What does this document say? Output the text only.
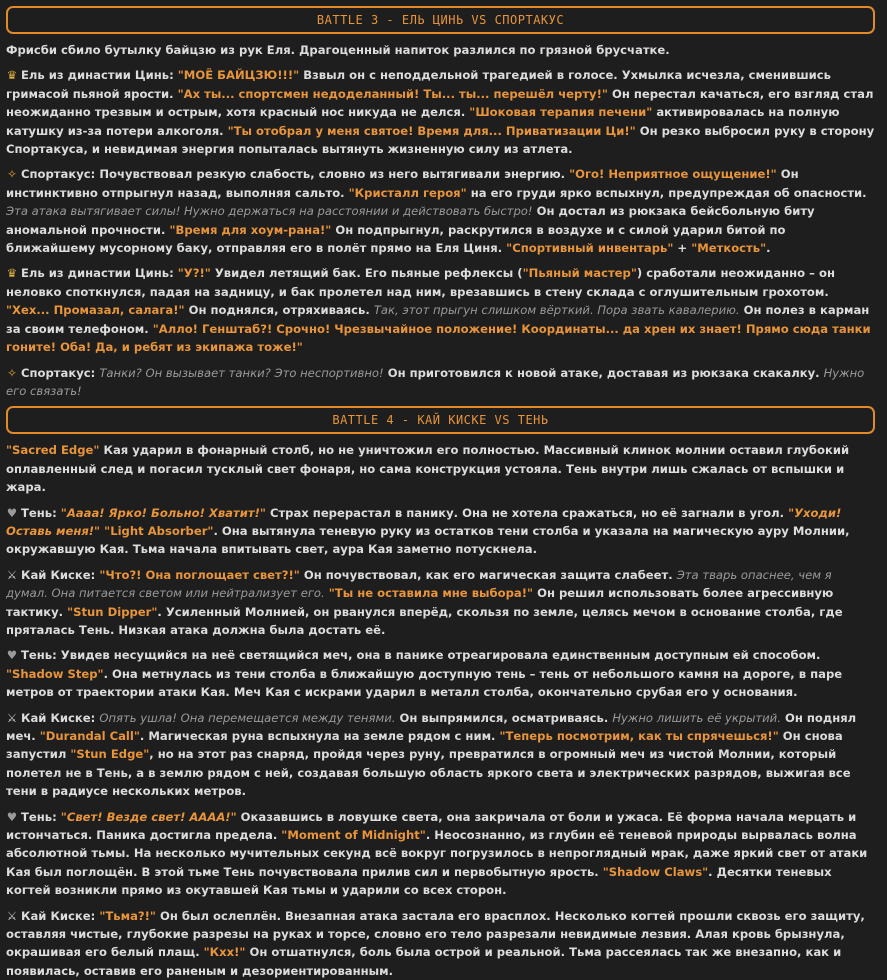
BATTLE 3 - ЕЛЬ ЦИНЬ VS СПОРТАКУС
Фрисби сбило бутылку байцзю из рук Еля. Драгоценный напиток разлился по грязной брусчатке.
♛ Ель из династии Цинь: "МОЁ БАЙЦЗЮ!!!" Взвыл он с неподдельной трагедией в голосе. Ухмылка исчезла, сменившись гримасой пьяной ярости. "Ах ты... спортсмен недоделанный! Ты... ты... перешёл черту!" Он перестал качаться, его взгляд стал неожиданно трезвым и острым, хотя красный нос никуда не делся. "Шоковая терапия печени" активировалась на полную катушку из-за потери алкоголя. "Ты отобрал у меня святое! Время для... Приватизации Ци!" Он резко выбросил руку в сторону Спортакуса, и невидимая энергия попыталась вытянуть жизненную силу из атлета.
✧ Спортакус: Почувствовал резкую слабость, словно из него вытягивали энергию. "Ого! Неприятное ощущение!" Он инстинктивно отпрыгнул назад, выполняя сальто. "Кристалл героя" на его груди ярко вспыхнул, предупреждая об опасности. Эта атака вытягивает силы! Нужно держаться на расстоянии и действовать быстро! Он достал из рюкзака бейсбольную биту аномальной прочности. "Время для хоум-рана!" Он подпрыгнул, раскрутился в воздухе и с силой ударил битой по ближайшему мусорному баку, отправляя его в полёт прямо на Еля Циня. "Спортивный инвентарь" + "Меткость".
♛ Ель из династии Цинь: "У?!" Увидел летящий бак. Его пьяные рефлексы ("Пьяный мастер") сработали неожиданно – он неловко споткнулся, падая на задницу, и бак пролетел над ним, врезавшись в стену склада с оглушительным грохотом. "Хех... Промазал, салага!" Он поднялся, отряхиваясь. Так, этот прыгун слишком вёрткий. Пора звать кавалерию. Он полез в карман за своим телефоном. "Алло! Генштаб?! Срочно! Чрезвычайное положение! Координаты... да хрен их знает! Прямо сюда танки гоните! Оба! Да, и ребят из экипажа тоже!"
✧ Спортакус: Танки? Он вызывает танки? Это неспортивно! Он приготовился к новой атаке, доставая из рюкзака скакалку. Нужно его связать!
BATTLE 4 - КАЙ КИСКЕ VS ТЕНЬ
"Sacred Edge" Кая ударил в фонарный столб, но не уничтожил его полностью. Массивный клинок молнии оставил глубокий оплавленный след и погасил тусклый свет фонаря, но сама конструкция устояла. Тень внутри лишь сжалась от вспышки и жара.
♥ Тень: "Аааа! Ярко! Больно! Хватит!" Страх перерастал в панику. Она не хотела сражаться, но её загнали в угол. "Уходи! Оставь меня!" "Light Absorber". Она вытянула теневую руку из остатков тени столба и указала на магическую ауру Молнии, окружавшую Кая. Тьма начала впитывать свет, аура Кая заметно потускнела.
⚔ Кай Киске: "Что?! Она поглощает свет?!" Он почувствовал, как его магическая защита слабеет. Эта тварь опаснее, чем я думал. Она питается светом или нейтрализует его. "Ты не оставила мне выбора!" Он решил использовать более агрессивную тактику. "Stun Dipper". Усиленный Молнией, он рванулся вперёд, скользя по земле, целясь мечом в основание столба, где пряталась Тень. Низкая атака должна была достать её.
♥ Тень: Увидев несущийся на неё светящийся меч, она в панике отреагировала единственным доступным ей способом. "Shadow Step". Она метнулась из тени столба в ближайшую доступную тень – тень от небольшого камня на дороге, в паре метров от траектории атаки Кая. Меч Кая с искрами ударил в металл столба, окончательно срубая его у основания.
⚔ Кай Киске: Опять ушла! Она перемещается между тенями. Он выпрямился, осматриваясь. Нужно лишить её укрытий. Он поднял меч. "Durandal Call". Магическая руна вспыхнула на земле рядом с ним. "Теперь посмотрим, как ты спрячешься!" Он снова запустил "Stun Edge", но на этот раз снаряд, пройдя через руну, превратился в огромный меч из чистой Молнии, который полетел не в Тень, а в землю рядом с ней, создавая большую область яркого света и электрических разрядов, выжигая все тени в радиусе нескольких метров.
♥ Тень: "Свет! Везде свет! АААА!" Оказавшись в ловушке света, она закричала от боли и ужаса. Её форма начала мерцать и истончаться. Паника достигла предела. "Moment of Midnight". Неосознанно, из глубин её теневой природы вырвалась волна абсолютной тьмы. На несколько мучительных секунд всё вокруг погрузилось в непроглядный мрак, даже яркий свет от атаки Кая был поглощён. В этой тьме Тень почувствовала прилив сил и первобытную ярость. "Shadow Claws". Десятки теневых когтей возникли прямо из окутавшей Кая тьмы и ударили со всех сторон.
⚔ Кай Киске: "Тьма?!" Он был ослеплён. Внезапная атака застала его врасплох. Несколько когтей прошли сквозь его защиту, оставляя чистые, глубокие разрезы на руках и торсе, словно его тело разрезали невидимые лезвия. Алая кровь брызнула, окрашивая его белый плащ. "Кхх!" Он отшатнулся, боль была острой и реальной. Тьма рассеялась так же внезапно, как и появилась, оставив его раненым и дезориентированным.
